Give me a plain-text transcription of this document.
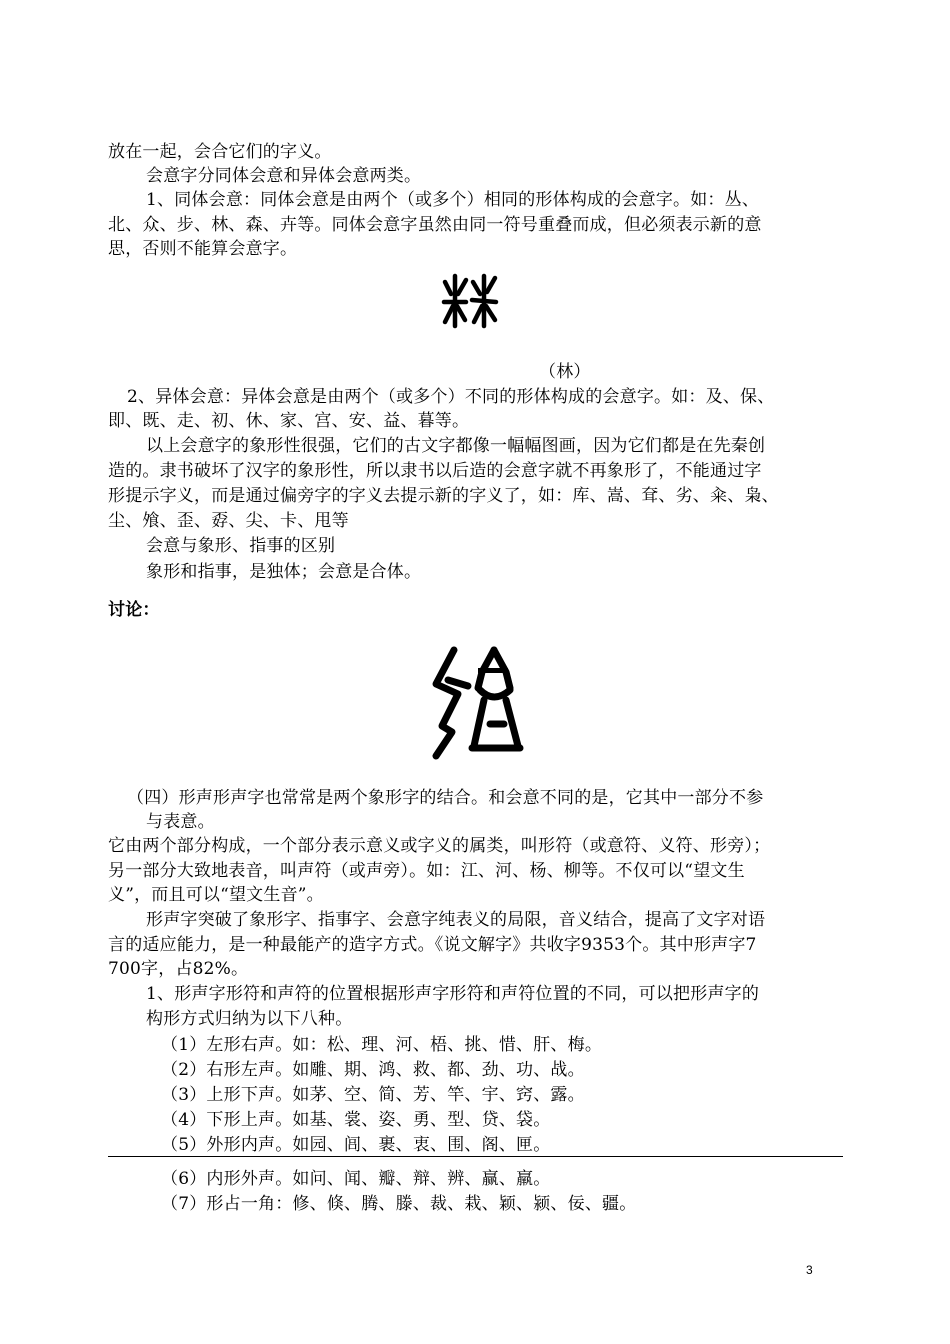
放在一起，会合它们的字义。
会意字分同体会意和异体会意两类。
1、同体会意：同体会意是由两个（或多个）相同的形体构成的会意字。如：丛、
北、众、步、林、森、卉等。同体会意字虽然由同一符号重叠而成，但必须表示新的意
思，否则不能算会意字。
（林）
2、异体会意：异体会意是由两个（或多个）不同的形体构成的会意字。如：及、保、
即、既、走、初、休、家、宫、安、益、暮等。
以上会意字的象形性很强，它们的古文字都像一幅幅图画，因为它们都是在先秦创
造的。隶书破坏了汉字的象形性，所以隶书以后造的会意字就不再象形了，不能通过字
形提示字义，而是通过偏旁字的字义去提示新的字义了，如：库、嵩、耷、劣、籴、枭、
尘、飧、歪、孬、尖、卡、甩等
会意与象形、指事的区别
象形和指事，是独体；会意是合体。
讨论：
（四）形声形声字也常常是两个象形字的结合。和会意不同的是，它其中一部分不参
与表意。
它由两个部分构成，一个部分表示意义或字义的属类，叫形符（或意符、义符、形旁）；
另一部分大致地表音，叫声符（或声旁）。如：江、河、杨、柳等。不仅可以“望文生
义”，而且可以“望文生音”。
形声字突破了象形字、指事字、会意字纯表义的局限，音义结合，提高了文字对语
言的适应能力，是一种最能产的造字方式。《说文解字》共收字9353个。其中形声字7
700字，占82%。
1、形声字形符和声符的位置根据形声字形符和声符位置的不同，可以把形声字的
构形方式归纳为以下八种。
（1）左形右声。如：松、理、河、梧、挑、惜、肝、梅。
（2）右形左声。如雕、期、鸿、救、都、劲、功、战。
（3）上形下声。如茅、空、简、芳、竿、宇、窍、露。
（4）下形上声。如基、裳、姿、勇、型、贷、袋。
（5）外形内声。如园、闾、裹、衷、围、阁、匣。
（6）内形外声。如问、闻、瓣、辩、辨、赢、羸。
（7）形占一角：修、倏、腾、滕、裁、栽、颖、颍、佞、疆。
3
